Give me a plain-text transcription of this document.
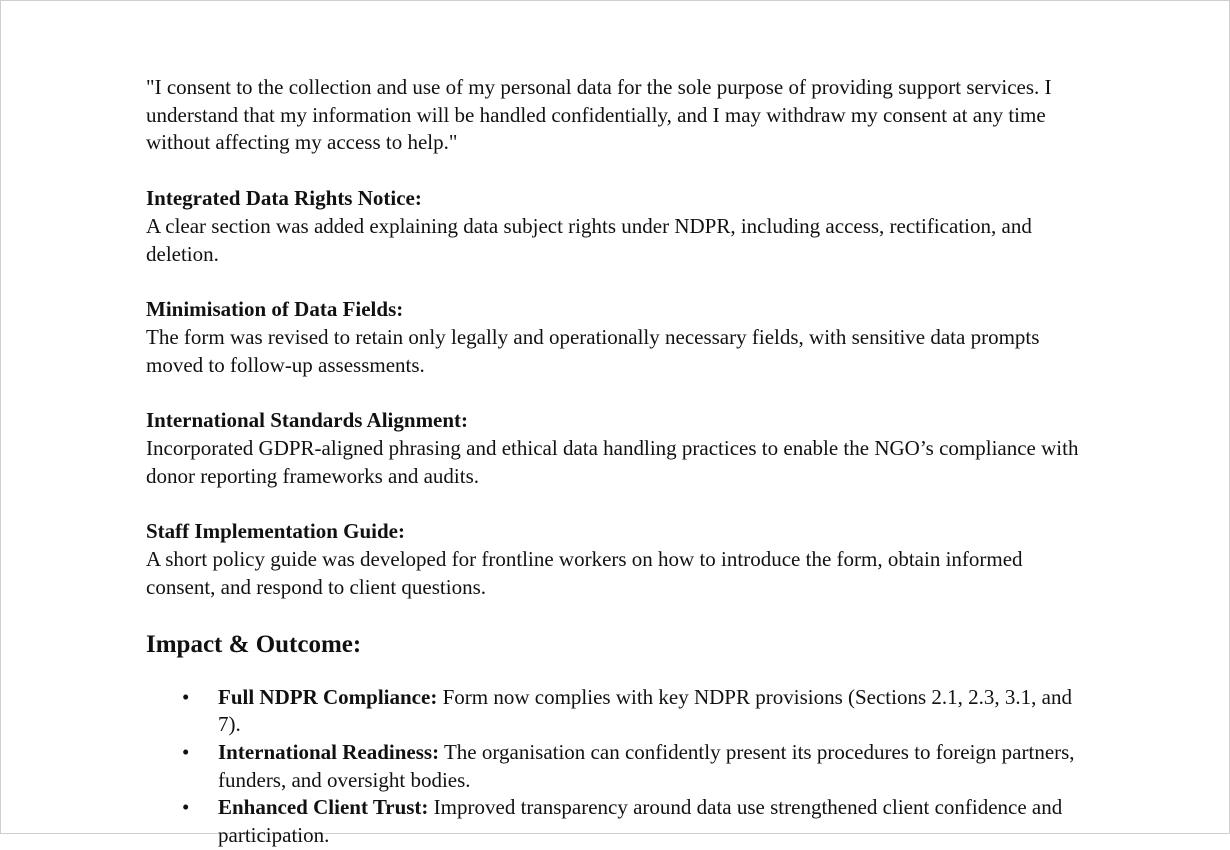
"I consent to the collection and use of my personal data for the sole purpose of providing support services. I understand that my information will be handled confidentially, and I may withdraw my consent at any time without affecting my access to help."

Integrated Data Rights Notice:

A clear section was added explaining data subject rights under NDPR, including access, rectification, and deletion.

Minimisation of Data Fields:

The form was revised to retain only legally and operationally necessary fields, with sensitive data prompts moved to follow-up assessments.

International Standards Alignment:

Incorporated GDPR-aligned phrasing and ethical data handling practices to enable the NGO’s compliance with donor reporting frameworks and audits.

Staff Implementation Guide:

A short policy guide was developed for frontline workers on how to introduce the form, obtain informed consent, and respond to client questions.

Impact & Outcome:

• Full NDPR Compliance: Form now complies with key NDPR provisions (Sections 2.1, 2.3, 3.1, and 7).
• International Readiness: The organisation can confidently present its procedures to foreign partners, funders, and oversight bodies.
• Enhanced Client Trust: Improved transparency around data use strengthened client confidence and participation.
